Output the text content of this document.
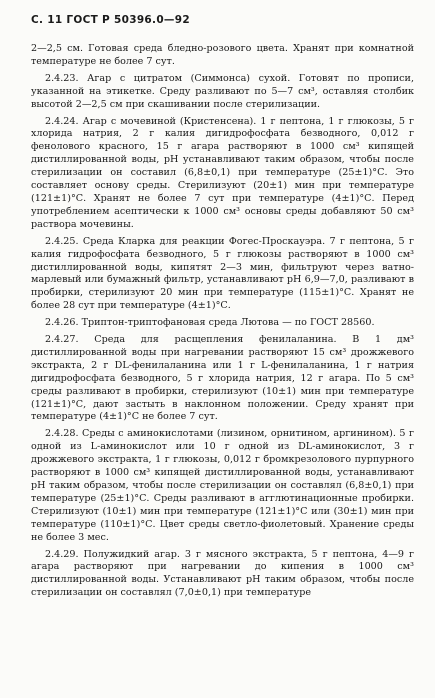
С. 11 ГОСТ Р 50396.0—92

2—2,5 см. Готовая среда бледно-розового цвета. Хранят при комнатной температуре не более 7 сут.

2.4.23. Агар с цитратом (Симмонса) сухой. Готовят по прописи, указанной на этикетке. Среду разливают по 5—7 см³, оставляя столбик высотой 2—2,5 см при скашивании после стерилизации.

2.4.24. Агар с мочевиной (Кристенсена). 1 г пептона, 1 г глюкозы, 5 г хлорида натрия, 2 г калия дигидрофосфата безводного, 0,012 г фенолового красного, 15 г агара растворяют в 1000 см³ кипящей дистиллированной воды, рН устанавливают таким образом, чтобы после стерилизации он составил (6,8±0,1) при температуре (25±1)°С. Это составляет основу среды. Стерилизуют (20±1) мин при температуре (121±1)°С. Хранят не более 7 сут при температуре (4±1)°С. Перед употреблением асептически к 1000 см³ основы среды добавляют 50 см³ раствора мочевины.

2.4.25. Среда Кларка для реакции Фогес-Проскауэра. 7 г пептона, 5 г калия гидрофосфата безводного, 5 г глюкозы растворяют в 1000 см³ дистиллированной воды, кипятят 2—3 мин, фильтруют через ватно-марлевый или бумажный фильтр, устанавливают рН 6,9—7,0, разливают в пробирки, стерилизуют 20 мин при температуре (115±1)°С. Хранят не более 28 сут при температуре (4±1)°С.

2.4.26. Триптон-триптофановая среда Лютова — по ГОСТ 28560.

2.4.27. Среда для расщепления фенилаланина. В 1 дм³ дистиллированной воды при нагревании растворяют 15 см³ дрожжевого экстракта, 2 г DL-фенилаланина или 1 г L-фенилаланина, 1 г натрия дигидрофосфата безводного, 5 г хлорида натрия, 12 г агара. По 5 см³ среды разливают в пробирки, стерилизуют (10±1) мин при температуре (121±1)°С, дают застыть в наклонном положении. Среду хранят при температуре (4±1)°С не более 7 сут.

2.4.28. Среды с аминокислотами (лизином, орнитином, аргинином). 5 г одной из L-аминокислот или 10 г одной из DL-аминокислот, 3 г дрожжевого экстракта, 1 г глюкозы, 0,012 г бромкрезолового пурпурного растворяют в 1000 см³ кипящей дистиллированной воды, устанавливают рН таким образом, чтобы после стерилизации он составлял (6,8±0,1) при температуре (25±1)°С. Среды разливают в агглютинационные пробирки. Стерилизуют (10±1) мин при температуре (121±1)°С или (30±1) мин при температуре (110±1)°С. Цвет среды светло-фиолетовый. Хранение среды не более 3 мес.

2.4.29. Полужидкий агар. 3 г мясного экстракта, 5 г пептона, 4—9 г агара растворяют при нагревании до кипения в 1000 см³ дистиллированной воды. Устанавливают рН таким образом, чтобы после стерилизации он составлял (7,0±0,1) при температуре
